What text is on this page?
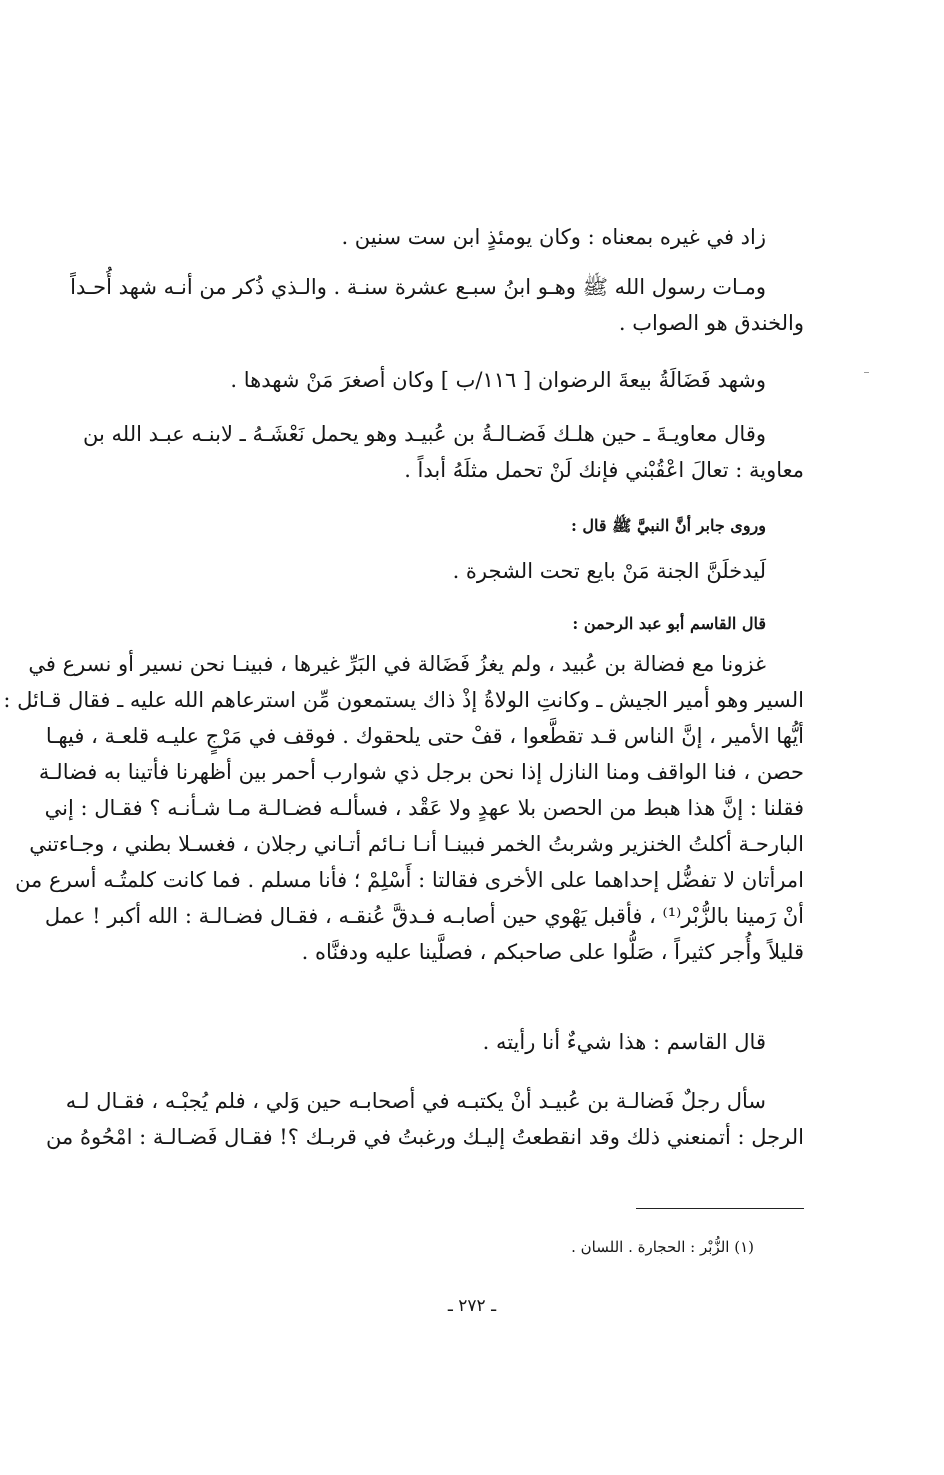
زاد في غيره بمعناه : وكان يومئذٍ ابن ست سنين .
ومـات رسول الله ﷺ وهـو ابنُ سبـع عشرة سنـة . والـذي ذُكر من أنـه شهد أُحـداً
والخندق هو الصواب .
وشهد فَضَالَةُ بيعةَ الرضوان [ ١١٦/ب ] وكان أصغرَ مَنْ شهدها .
وقال معاويـةَ ـ حين هلـك فَضـالـةُ بن عُبيـد وهو يحمل نَعْشَـهُ ـ لابنـه عبـد الله بن
معاوية : تعالَ اعْقُبْني فإنك لَنْ تحمل مثلَهُ أبداً .
وروى جابر أنَّ النبيَّ ﷺ قال :
لَيدخلَنَّ الجنة مَنْ بايع تحت الشجرة .
قال القاسم أبو عبد الرحمن :
غزونا مع فضالة بن عُبيد ، ولم يغزُ فَضَالة في البَرِّ غيرها ، فبينـا نحن نسير أو نسرع في
السير وهو أمير الجيش ـ وكانتِ الولاةُ إذْ ذاك يستمعون مِّن استرعاهم الله عليه ـ فقال قـائل :
أيُّها الأمير ، إنَّ الناس قـد تقطَّعوا ، قفْ حتى يلحقوك . فوقف في مَرْجٍ عليـه قلعـة ، فيهـا
حصن ، فنا الواقف ومنا النازل إذا نحن برجل ذي شوارب أحمر بين أظهرنا فأتينا به فضالـة
فقلنا : إنَّ هذا هبط من الحصن بلا عهدٍ ولا عَقْد ، فسألـه فضـالـة مـا شـأنـه ؟ فقـال : إني
البارحـة أكلتُ الخنزير وشربتُ الخمر فبينـا أنـا نـائم أتـاني رجلان ، فغسـلا بطني ، وجـاءتني
امرأتان لا تفضُّل إحداهما على الأخرى فقالتا : أَسْلِمْ ؛ فأنا مسلم . فما كانت كلمتُـه أسرع من
أنْ رَمينا بالزُّبْر⁽¹⁾ ، فأقبل يَهْوي حين أصابـه فـدقَّ عُنقـه ، فقـال فضـالـة : الله أكبر ! عمل
قليلاً وأُجر كثيراً ، صَلُّوا على صاحبكم ، فصلَّينا عليه ودفنَّاه .
قال القاسم : هذا شيءٌ أنا رأيته .
سأل رجلٌ فَضالـة بن عُبيـد أنْ يكتبـه في أصحابـه حين وَلي ، فلم يُجبْـه ، فقـال لـه
الرجل : أتمنعني ذلك وقد انقطعتُ إليـك ورغبتُ في قربـك ؟! فقـال فَضـالـة : امْحُوهُ من
(١) الزُّبْر : الحجارة . اللسان .
ـ ٢٧٢ ـ
